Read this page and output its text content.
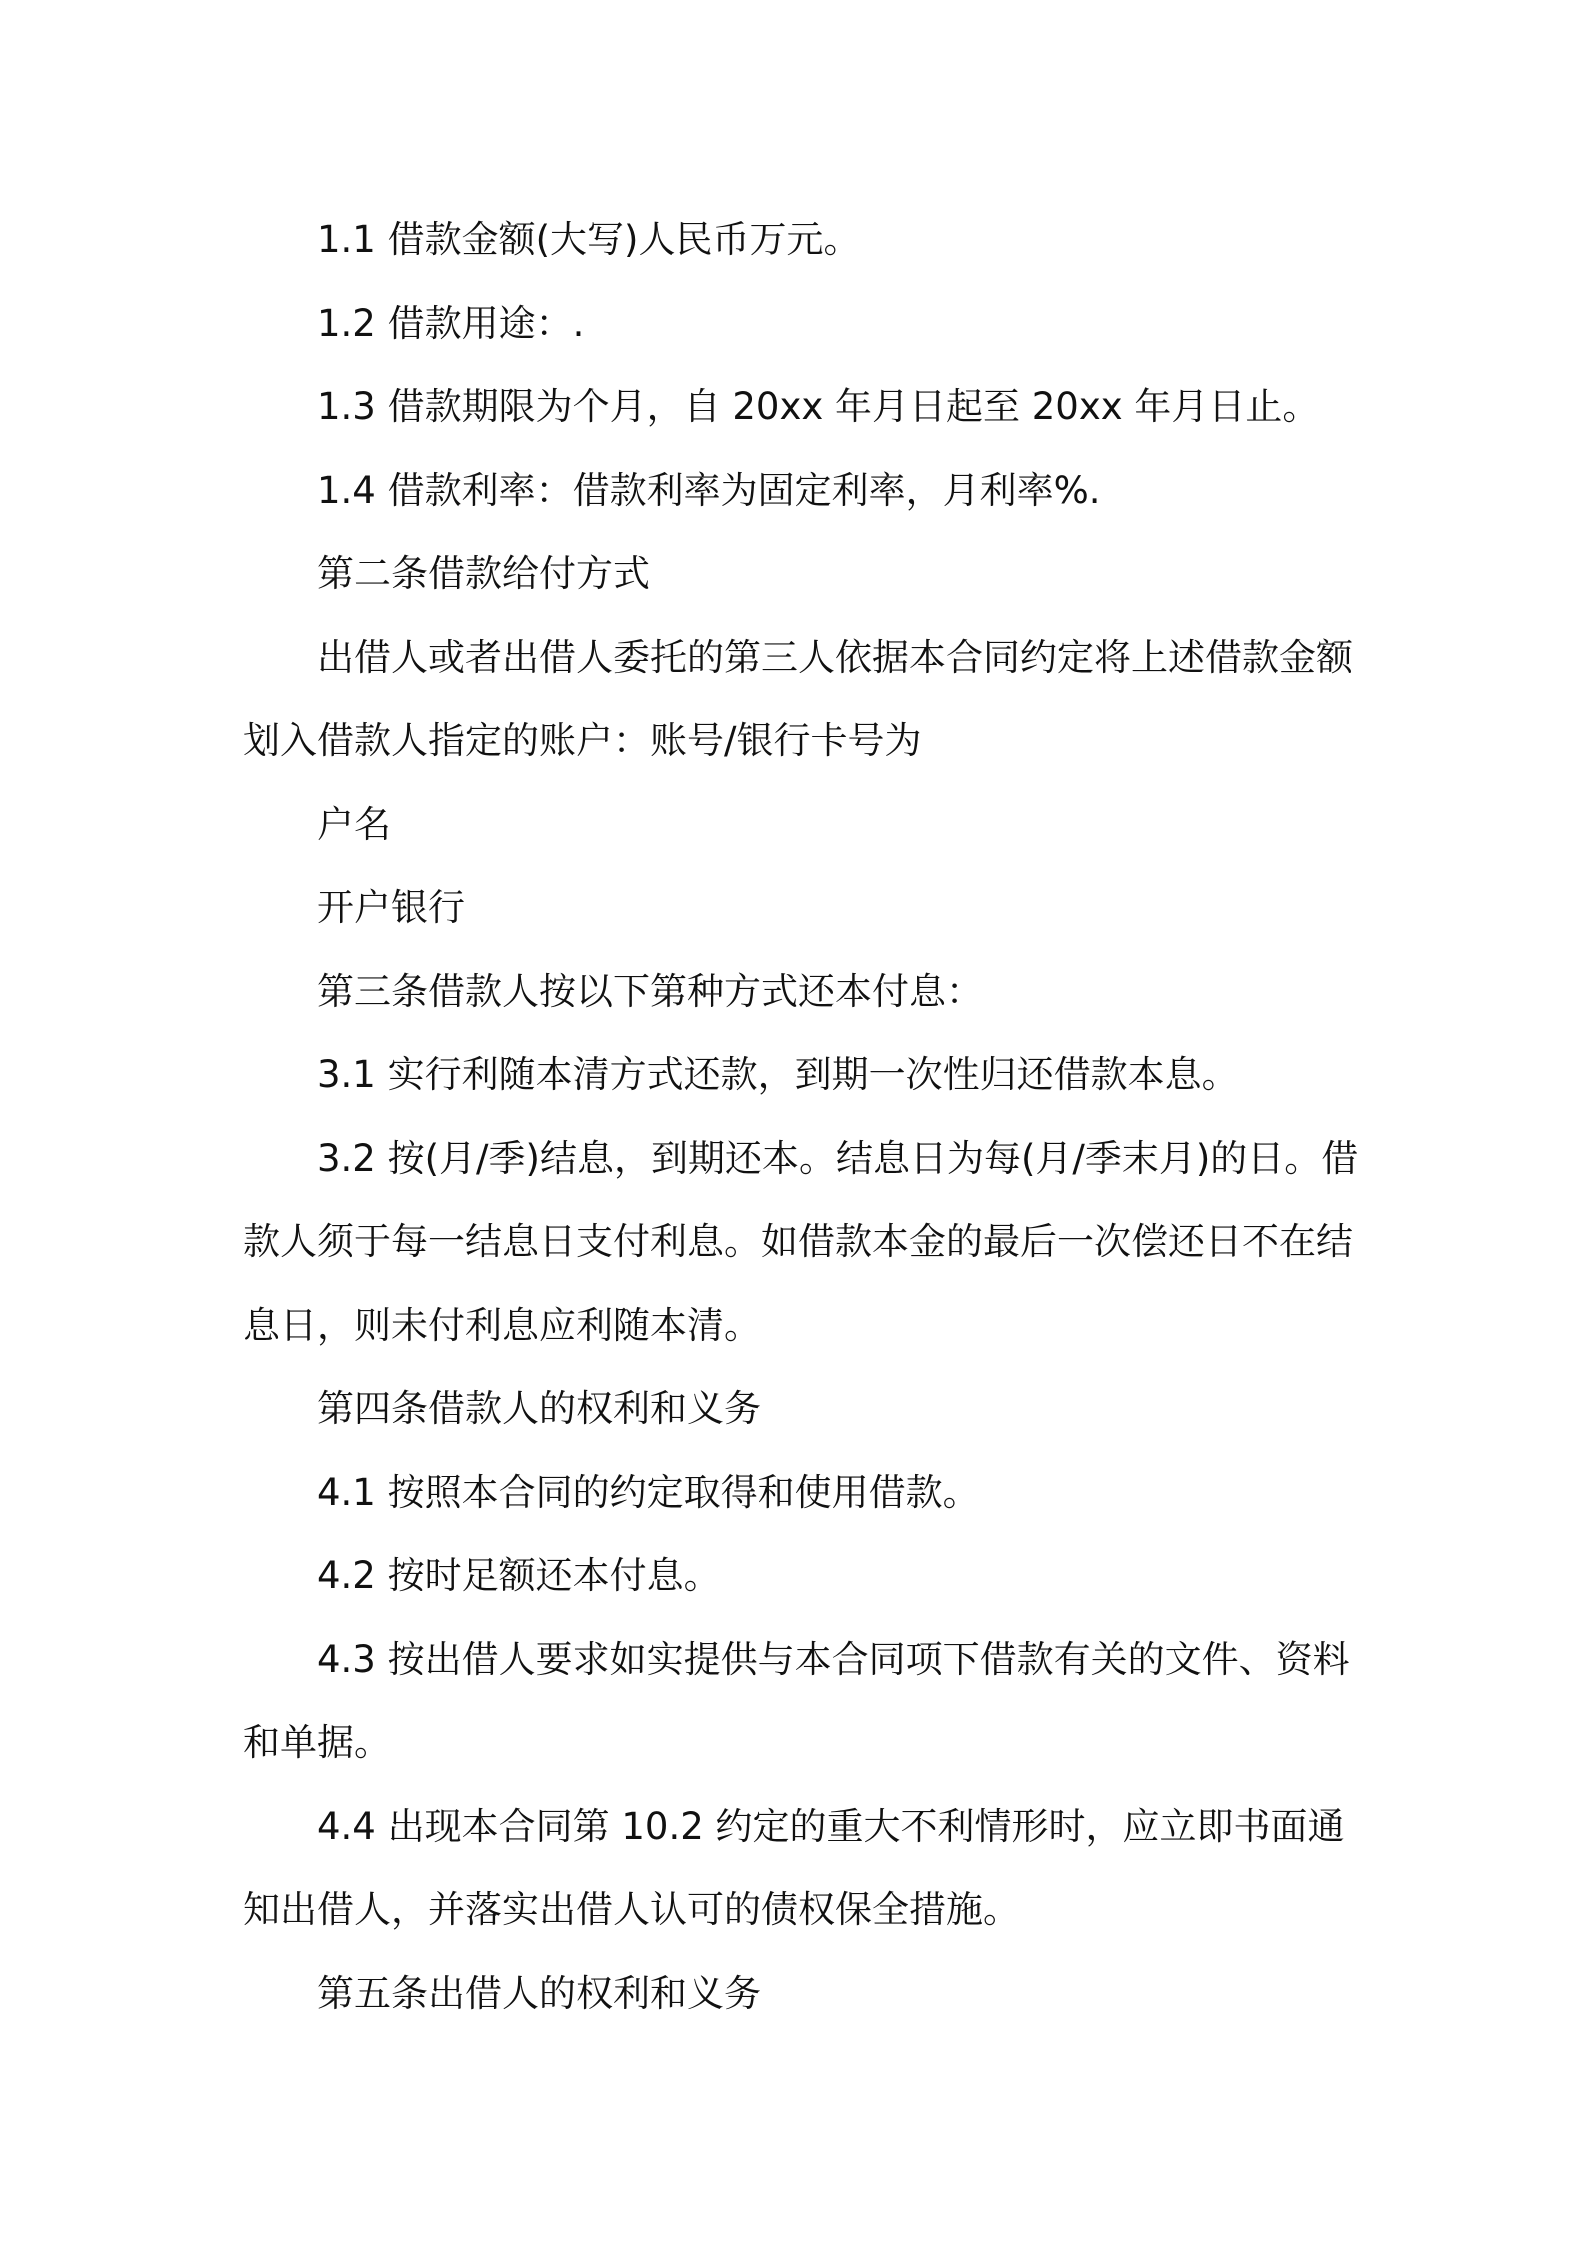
1.1 借款金额(大写)人民币万元。

1.2 借款用途：.

1.3 借款期限为个月，自 20xx 年月日起至 20xx 年月日止。

1.4 借款利率：借款利率为固定利率，月利率%.

第二条借款给付方式

出借人或者出借人委托的第三人依据本合同约定将上述借款金额划入借款人指定的账户：账号/银行卡号为

户名

开户银行

第三条借款人按以下第种方式还本付息：

3.1 实行利随本清方式还款，到期一次性归还借款本息。

3.2 按(月/季)结息，到期还本。结息日为每(月/季末月)的日。借款人须于每一结息日支付利息。如借款本金的最后一次偿还日不在结息日，则未付利息应利随本清。

第四条借款人的权利和义务

4.1 按照本合同的约定取得和使用借款。

4.2 按时足额还本付息。

4.3 按出借人要求如实提供与本合同项下借款有关的文件、资料和单据。

4.4 出现本合同第 10.2 约定的重大不利情形时，应立即书面通知出借人，并落实出借人认可的债权保全措施。

第五条出借人的权利和义务
